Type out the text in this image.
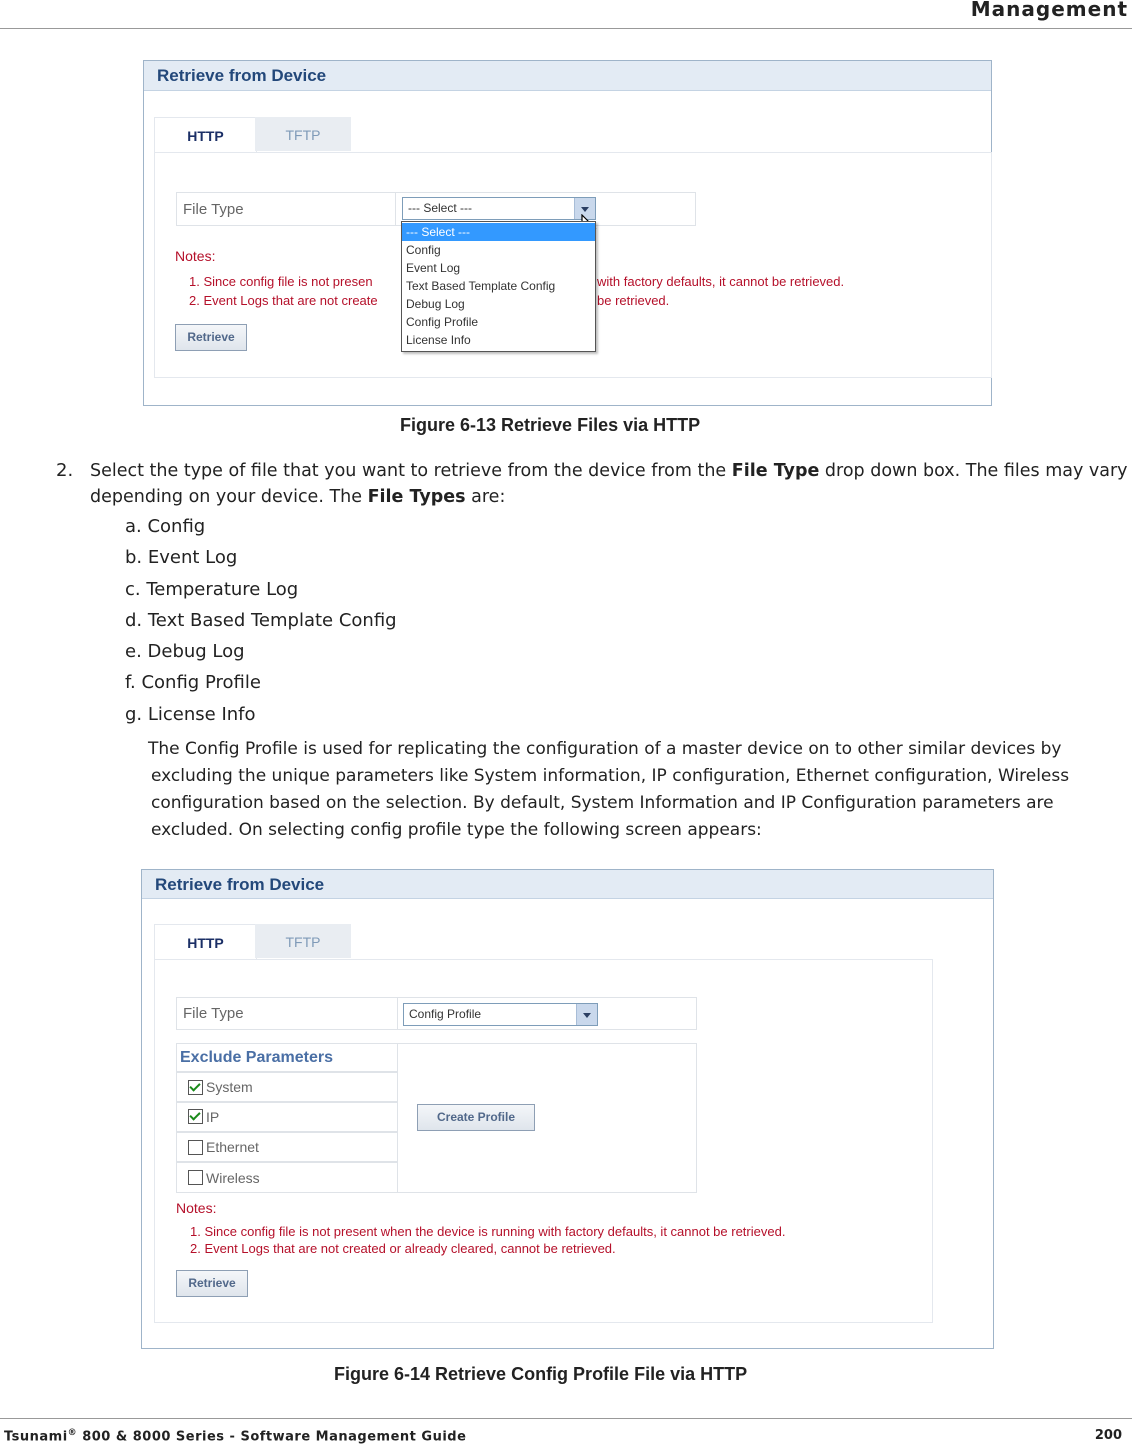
Management
Retrieve from Device
HTTP	TFTP
File Type	--- Select ---
Notes:
1. Since config file is not presen	with factory defaults, it cannot be retrieved.
2. Event Logs that are not create	be retrieved.
Retrieve
--- Select ---
Config
Event Log
Text Based Template Config
Debug Log
Config Profile
License Info
Figure 6-13 Retrieve Files via HTTP
2. Select the type of file that you want to retrieve from the device from the File Type drop down box. The files may vary
depending on your device. The File Types are:
a. Config
b. Event Log
c. Temperature Log
d. Text Based Template Config
e. Debug Log
f. Config Profile
g. License Info
The Config Profile is used for replicating the configuration of a master device on to other similar devices by
excluding the unique parameters like System information, IP configuration, Ethernet configuration, Wireless
configuration based on the selection. By default, System Information and IP Configuration parameters are
excluded. On selecting config profile type the following screen appears:
Retrieve from Device
HTTP	TFTP
File Type	Config Profile
Exclude Parameters
System
IP
Ethernet
Wireless
Create Profile
Notes:
1. Since config file is not present when the device is running with factory defaults, it cannot be retrieved.
2. Event Logs that are not created or already cleared, cannot be retrieved.
Retrieve
Figure 6-14 Retrieve Config Profile File via HTTP
Tsunami® 800 & 8000 Series - Software Management Guide	200
